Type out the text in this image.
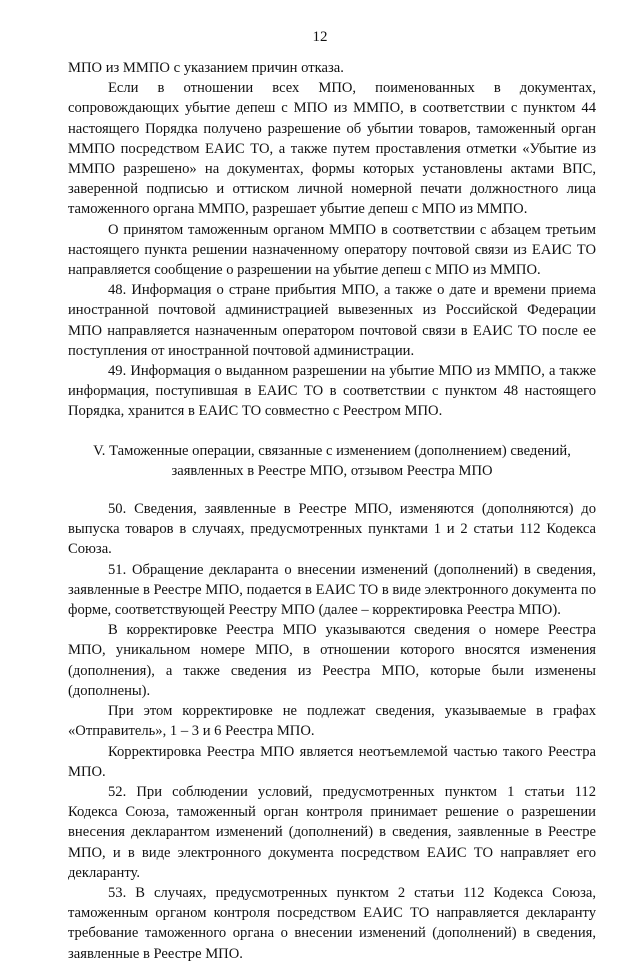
12

МПО из ММПО с указанием причин отказа.

Если в отношении всех МПО, поименованных в документах, сопровождающих убытие депеш с МПО из ММПО, в соответствии с пунктом 44 настоящего Порядка получено разрешение об убытии товаров, таможенный орган ММПО посредством ЕАИС ТО, а также путем проставления отметки «Убытие из ММПО разрешено» на документах, формы которых установлены актами ВПС, заверенной подписью и оттиском личной номерной печати должностного лица таможенного органа ММПО, разрешает убытие депеш с МПО из ММПО.

О принятом таможенным органом ММПО в соответствии с абзацем третьим настоящего пункта решении назначенному оператору почтовой связи из ЕАИС ТО направляется сообщение о разрешении на убытие депеш с МПО из ММПО.

48. Информация о стране прибытия МПО, а также о дате и времени приема иностранной почтовой администрацией вывезенных из Российской Федерации МПО направляется назначенным оператором почтовой связи в ЕАИС ТО после ее поступления от иностранной почтовой администрации.

49. Информация о выданном разрешении на убытие МПО из ММПО, а также информация, поступившая в ЕАИС ТО в соответствии с пунктом 48 настоящего Порядка, хранится в ЕАИС ТО совместно с Реестром МПО.

V. Таможенные операции, связанные с изменением (дополнением) сведений, заявленных в Реестре МПО, отзывом Реестра МПО

50. Сведения, заявленные в Реестре МПО, изменяются (дополняются) до выпуска товаров в случаях, предусмотренных пунктами 1 и 2 статьи 112 Кодекса Союза.

51. Обращение декларанта о внесении изменений (дополнений) в сведения, заявленные в Реестре МПО, подается в ЕАИС ТО в виде электронного документа по форме, соответствующей Реестру МПО (далее – корректировка Реестра МПО).

В корректировке Реестра МПО указываются сведения о номере Реестра МПО, уникальном номере МПО, в отношении которого вносятся изменения (дополнения), а также сведения из Реестра МПО, которые были изменены (дополнены).

При этом корректировке не подлежат сведения, указываемые в графах «Отправитель», 1 – 3 и 6 Реестра МПО.

Корректировка Реестра МПО является неотъемлемой частью такого Реестра МПО.

52. При соблюдении условий, предусмотренных пунктом 1 статьи 112 Кодекса Союза, таможенный орган контроля принимает решение о разрешении внесения декларантом изменений (дополнений) в сведения, заявленные в Реестре МПО, и в виде электронного документа посредством ЕАИС ТО направляет его декларанту.

53. В случаях, предусмотренных пунктом 2 статьи 112 Кодекса Союза, таможенным органом контроля посредством ЕАИС ТО направляется декларанту требование таможенного органа о внесении изменений (дополнений) в сведения, заявленные в Реестре МПО.
